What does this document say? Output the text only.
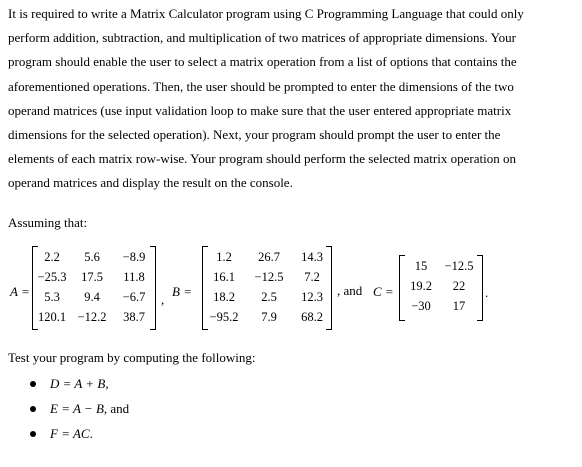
It is required to write a Matrix Calculator program using C Programming Language that could only
perform addition, subtraction, and multiplication of two matrices of appropriate dimensions. Your
program should enable the user to select a matrix operation from a list of options that contains the
aforementioned operations. Then, the user should be prompted to enter the dimensions of the two
operand matrices (use input validation loop to make sure that the user entered appropriate matrix
dimensions for the selected operation). Next, your program should prompt the user to enter the
elements of each matrix row-wise. Your program should perform the selected matrix operation on
operand matrices and display the result on the console.
Assuming that:
A =
2.2	5.6	−8.9
−25.3	17.5	11.8
5.3	9.4	−6.7
120.1 −12.2	38.7
,
B =
1.2	26.7	14.3
16.1	−12.5	7.2
18.2	2.5	12.3
−95.2	7.9	68.2
, and C =
15	−12.5
19.2	22
−30	17
.
Test your program by computing the following:
D = A + B,
E = A − B, and
F = AC.
